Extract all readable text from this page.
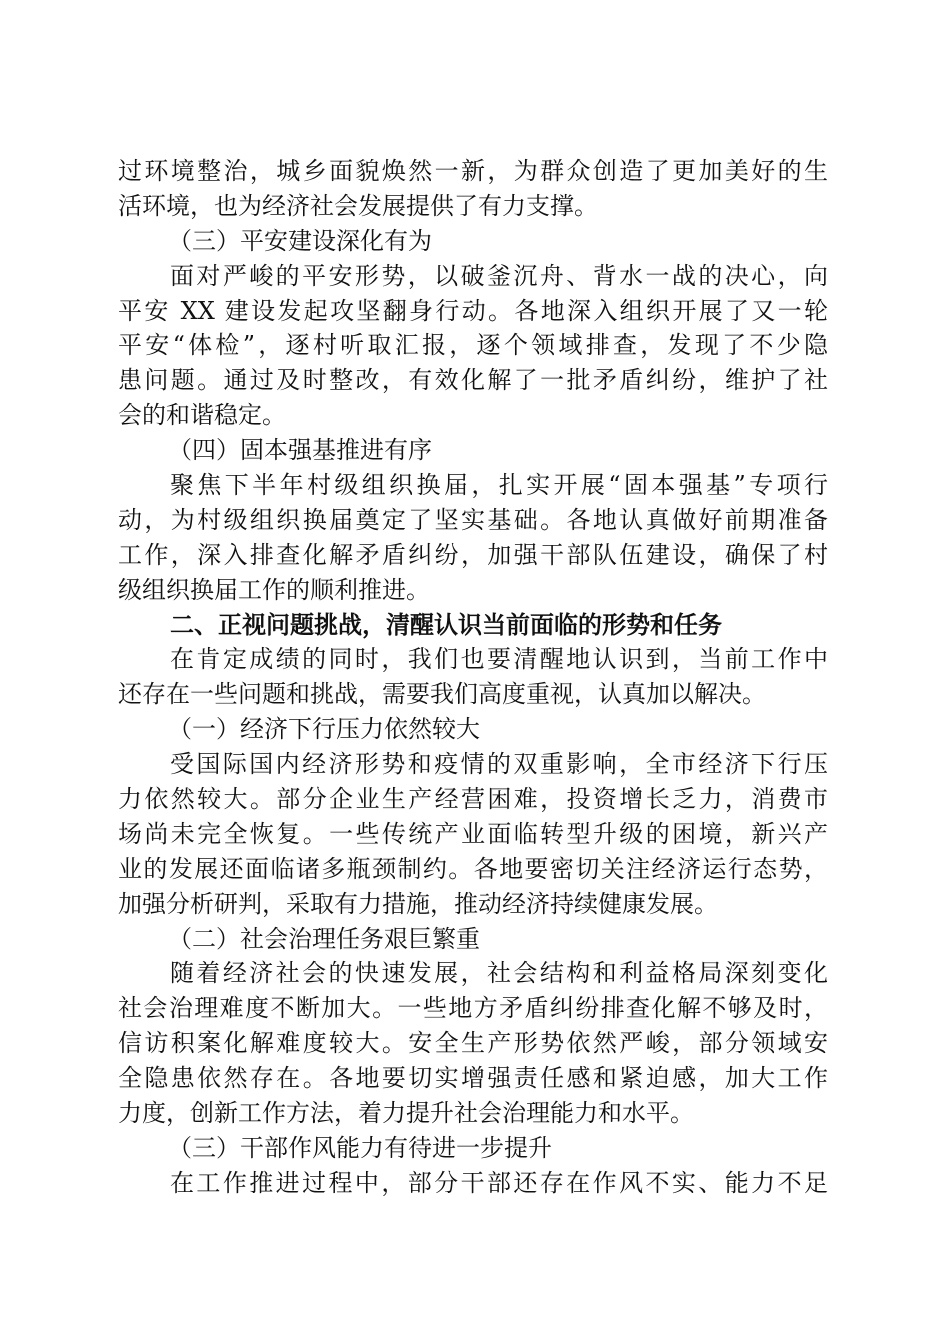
过环境整治，城乡面貌焕然一新，为群众创造了更加美好的生
活环境，也为经济社会发展提供了有力支撑。
（三）平安建设深化有为
面对严峻的平安形势，以破釜沉舟、背水一战的决心，向
平安 XX 建设发起攻坚翻身行动。各地深入组织开展了又一轮
平安“体检”，逐村听取汇报，逐个领域排查，发现了不少隐
患问题。通过及时整改，有效化解了一批矛盾纠纷，维护了社
会的和谐稳定。
（四）固本强基推进有序
聚焦下半年村级组织换届，扎实开展“固本强基”专项行
动，为村级组织换届奠定了坚实基础。各地认真做好前期准备
工作，深入排查化解矛盾纠纷，加强干部队伍建设，确保了村
级组织换届工作的顺利推进。
二、正视问题挑战，清醒认识当前面临的形势和任务
在肯定成绩的同时，我们也要清醒地认识到，当前工作中
还存在一些问题和挑战，需要我们高度重视，认真加以解决。
（一）经济下行压力依然较大
受国际国内经济形势和疫情的双重影响，全市经济下行压
力依然较大。部分企业生产经营困难，投资增长乏力，消费市
场尚未完全恢复。一些传统产业面临转型升级的困境，新兴产
业的发展还面临诸多瓶颈制约。各地要密切关注经济运行态势，
加强分析研判，采取有力措施，推动经济持续健康发展。
（二）社会治理任务艰巨繁重
随着经济社会的快速发展，社会结构和利益格局深刻变化
社会治理难度不断加大。一些地方矛盾纠纷排查化解不够及时，
信访积案化解难度较大。安全生产形势依然严峻，部分领域安
全隐患依然存在。各地要切实增强责任感和紧迫感，加大工作
力度，创新工作方法，着力提升社会治理能力和水平。
（三）干部作风能力有待进一步提升
在工作推进过程中，部分干部还存在作风不实、能力不足
